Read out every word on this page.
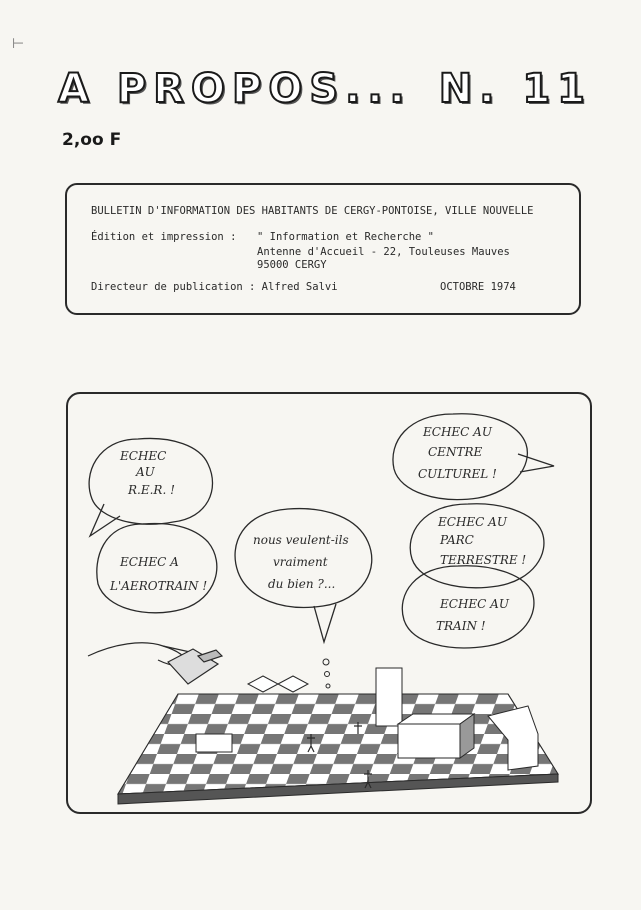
⊢
A PROPOS... N. 11
2,oo F
BULLETIN D'INFORMATION DES HABITANTS DE CERGY-PONTOISE, VILLE NOUVELLE
Édition et impression : " Information et Recherche "
Antenne d'Accueil - 22, Touleuses Mauves
95000 CERGY
Directeur de publication : Alfred Salvi	OCTOBRE 1974
ECHEC
AU
R.E.R. !
ECHEC A
L'AEROTRAIN !
nous veulent-ils
vraiment
du bien ?...
ECHEC AU
CENTRE
CULTUREL !
ECHEC AU
PARC
TERRESTRE !
ECHEC AU
TRAIN !
